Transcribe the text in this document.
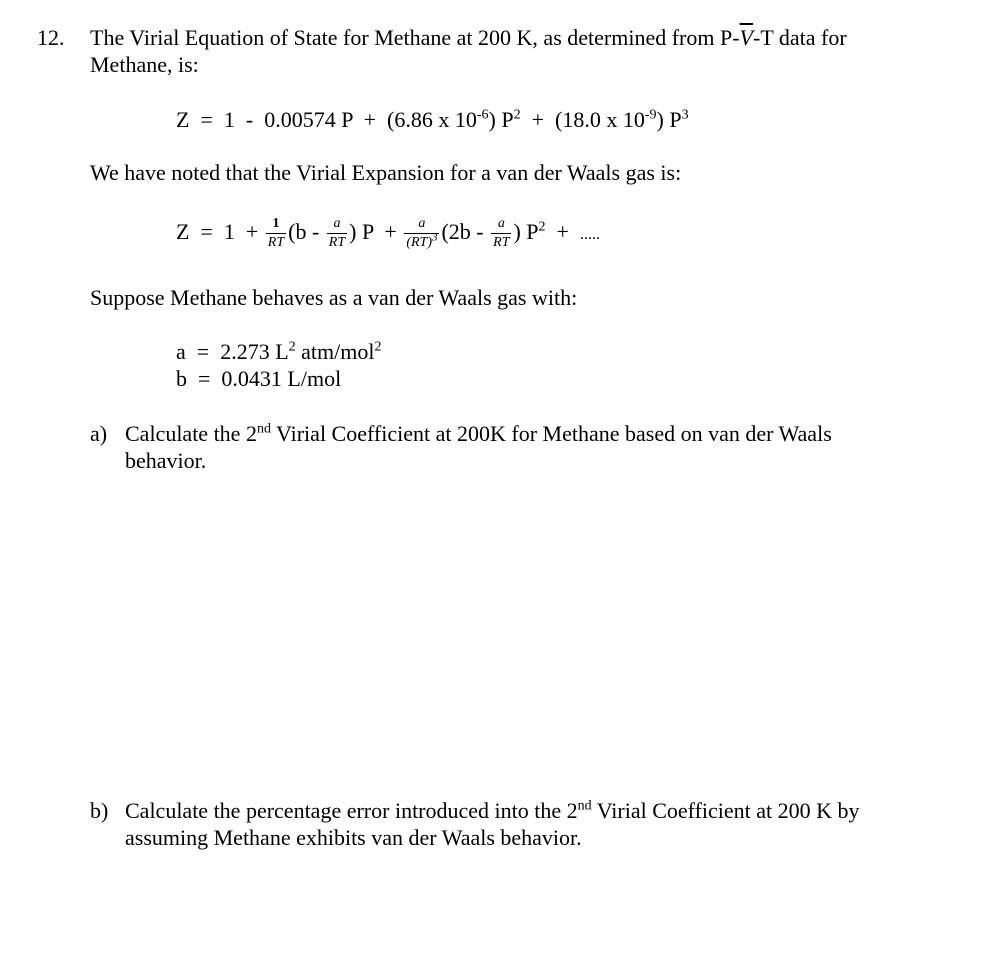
12. The Virial Equation of State for Methane at 200 K, as determined from $P-\overline{V}-T$ data for
Methane, is:
Z = 1 - 0.00574 P + (6.86 x $10^{-6}$) $P^2 + (18.0$ x $10^{-9}$) $P^3$
We have noted that the Virial Expansion for a van der Waals gas is:
$Z = 1 + \frac{1}{RT} (b - \frac{a}{RT}$ ) $P + \frac{a}{(RT)^3} (2b - \frac{a}{RT}$ ) $P^2$ + .....
Suppose Methane behaves as a van der Waals gas with:
a = 2.273 $L^2$ atm/mol$^2$
b = 0.0431 L/mol
a) Calculate the 2nd Virial Coefficient at 200K for Methane based on van der Waals
behavior.
b) Calculate the percentage error introduced into the 2nd Virial Coefficient at 200 K by
assuming Methane exhibits van der Waals behavior.
